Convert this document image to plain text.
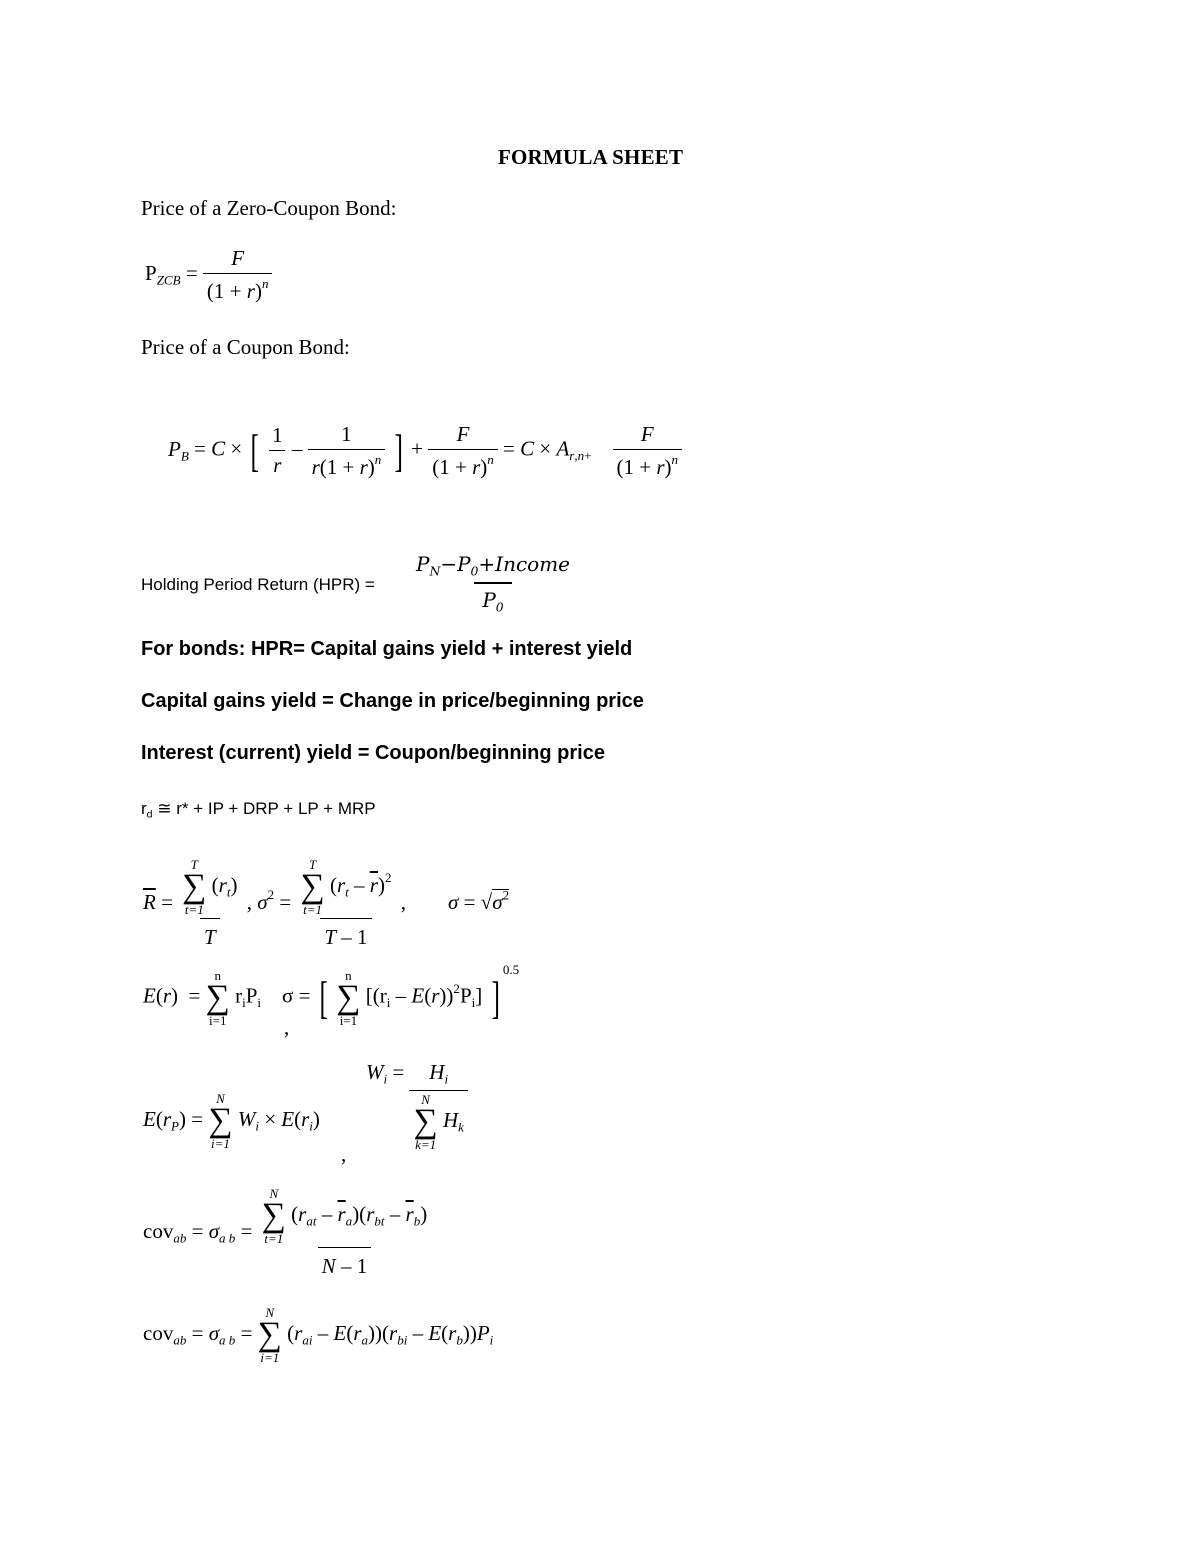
FORMULA SHEET
Price of a Zero-Coupon Bond:
$P_{ZCB} = \frac{F}{(1 + r)^n}$
Price of a Coupon Bond:
$P_B = C$ × [ $\frac{1}{r} - \frac{1}{r(1 + r)^n}$ ] + $\frac{F}{(1 + r)^n} = C \times A_{r,n+} \frac{F}{(1 + r)^n}$
Holding Period Return $(HPR) = \frac{P_N-P_0+Income}{P_0}$
For bonds: HPR= Capital gains yield + interest yield
Capital gains yield = Change in price/beginning price
Interest (current) yield = Coupon/beginning price
$r_d$ ≅ r* + IP + DRP + LP + MRP
$\overline{R} = T$
∑
t=1
$(r_t)$
T , $\sigma^2 = T$
∑
t=1
$(r_t - \overline{r})^2$
T – 1 ,        $\sigma = √\sigma^2$
E(r)  =
n
∑
i=1
$r_iP_i$    σ = [ n
∑
i=1
$[(r_i - E(r))^2P_i]$ ]$^{0.5}$
,
$E(r_P)$ =
N
∑
i=1
$W_i \times E(r_i)$
,
$W_i = H_i$
N
∑
k=1
$H_k$
$cov_{ab} = \sigma_{a b} = N$
∑
t=1
$(r_{at} - \overline{r}_a)(r_{bt} - \overline{r}_b)$
N – 1
$cov_{ab} = \sigma_{a b}$ =
N
∑
i=1
$(r_{ai} - E(r_a))(r_{bi} - E(r_b))P_i$
